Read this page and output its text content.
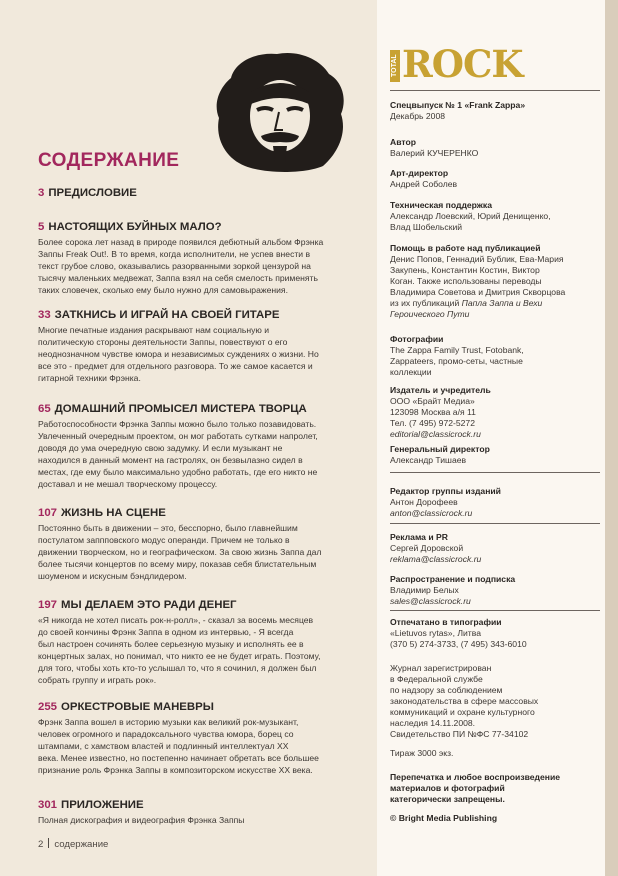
СОДЕРЖАНИЕ
3 ПРЕДИСЛОВИЕ
5 НАСТОЯЩИХ БУЙНЫХ МАЛО?
Более сорока лет назад в природе появился дебютный альбом Фрэнка
Заппы Freak Out!. В то время, когда исполнители, не успев внести в
текст грубое слово, оказывались разорванными зоркой цензурой на
тысячу маленьких медвежат, Заппа взял на себя смелость применять
таких словечек, сколько ему было нужно для самовыражения.
33 ЗАТКНИСЬ И ИГРАЙ НА СВОЕЙ ГИТАРЕ
Многие печатные издания раскрывают нам социальную и
политическую стороны деятельности Заппы, повествуют о его
неоднозначном чувстве юмора и независимых суждениях о жизни. Но
все это - предмет для отдельного разговора. То же самое касается и
гитарной техники Фрэнка.
65 ДОМАШНИЙ ПРОМЫСЕЛ МИСТЕРА ТВОРЦА
Работоспособности Фрэнка Заппы можно было только позавидовать.
Увлеченный очередным проектом, он мог работать сутками напролет,
доводя до ума очередную свою задумку. И если музыкант не
находился в данный момент на гастролях, он безвылазно сидел в
местах, где ему было максимально удобно работать, где его никто не
доставал и не мешал творческому процессу.
107 ЖИЗНЬ НА СЦЕНЕ
Постоянно быть в движении – это, бесспорно, было главнейшим
постулатом заппповского модус операнди. Причем не только в
движении творческом, но и географическом. За свою жизнь Заппа дал
более тысячи концертов по всему миру, показав себя блистательным
шоуменом и искусным бэндлидером.
197 МЫ ДЕЛАЕМ ЭТО РАДИ ДЕНЕГ
«Я никогда не хотел писать рок-н-ролл», - сказал за восемь месяцев
до своей кончины Фрэнк Заппа в одном из интервью, - Я всегда
был настроен сочинять более серьезную музыку и исполнять ее в
концертных залах, но понимал, что никто ее не будет играть. Поэтому,
для того, чтобы хоть кто-то услышал то, что я сочинил, я должен был
собрать группу и играть рок».
255 ОРКЕСТРОВЫЕ МАНЕВРЫ
Фрэнк Заппа вошел в историю музыки как великий рок-музыкант,
человек огромного и парадоксального чувства юмора, борец со
штампами, с хамством властей и подлинный интеллектуал XX
века. Менее известно, но постепенно начинает обретать все большее
признание роль Фрэнка Заппы в композиторском искусстве XX века.
301 ПРИЛОЖЕНИЕ
Полная дискография и видеография Фрэнка Заппы
2 содержание
TOTAL ROCK
Спецвыпуск № 1 «Frank Zappa»
Декабрь 2008
Автор
Валерий КУЧЕРЕНКО
Арт-директор
Андрей Соболев
Техническая поддержка
Александр Лоевский, Юрий Денищенко,
Влад Шобельский
Помощь в работе над публикацией
Денис Попов, Геннадий Бублик, Ева-Мария
Закупень, Константин Костин, Виктор
Коган. Также использованы переводы
Владимира Советова и Дмитрия Скворцова
из их публикаций Папла Заппа и Вехи
Героического Пути
Фотографии
The Zappa Family Trust, Fotobank,
Zappateers, промо-сеты, частные
коллекции
Издатель и учредитель
ООО «Брайт Медиа»
123098 Москва а/я 11
Тел. (7 495) 972-5272
editorial@classicrock.ru
Генеральный директор
Александр Тишаев
Редактор группы изданий
Антон Дорофеев
anton@classicrock.ru
Реклама и PR
Сергей Доровской
reklama@classicrock.ru
Распространение и подписка
Владимир Белых
sales@classicrock.ru
Отпечатано в типографии
«Lietuvos rytas», Литва
(370 5) 274-3733, (7 495) 343-6010
Журнал зарегистрирован
в Федеральной службе
по надзору за соблюдением
законодательства в сфере массовых
коммуникаций и охране культурного
наследия 14.11.2008.
Свидетельство ПИ №ФС 77-34102
Тираж 3000 экз.
Перепечатка и любое воспроизведение
материалов и фотографий
категорически запрещены.
© Bright Media Publishing
